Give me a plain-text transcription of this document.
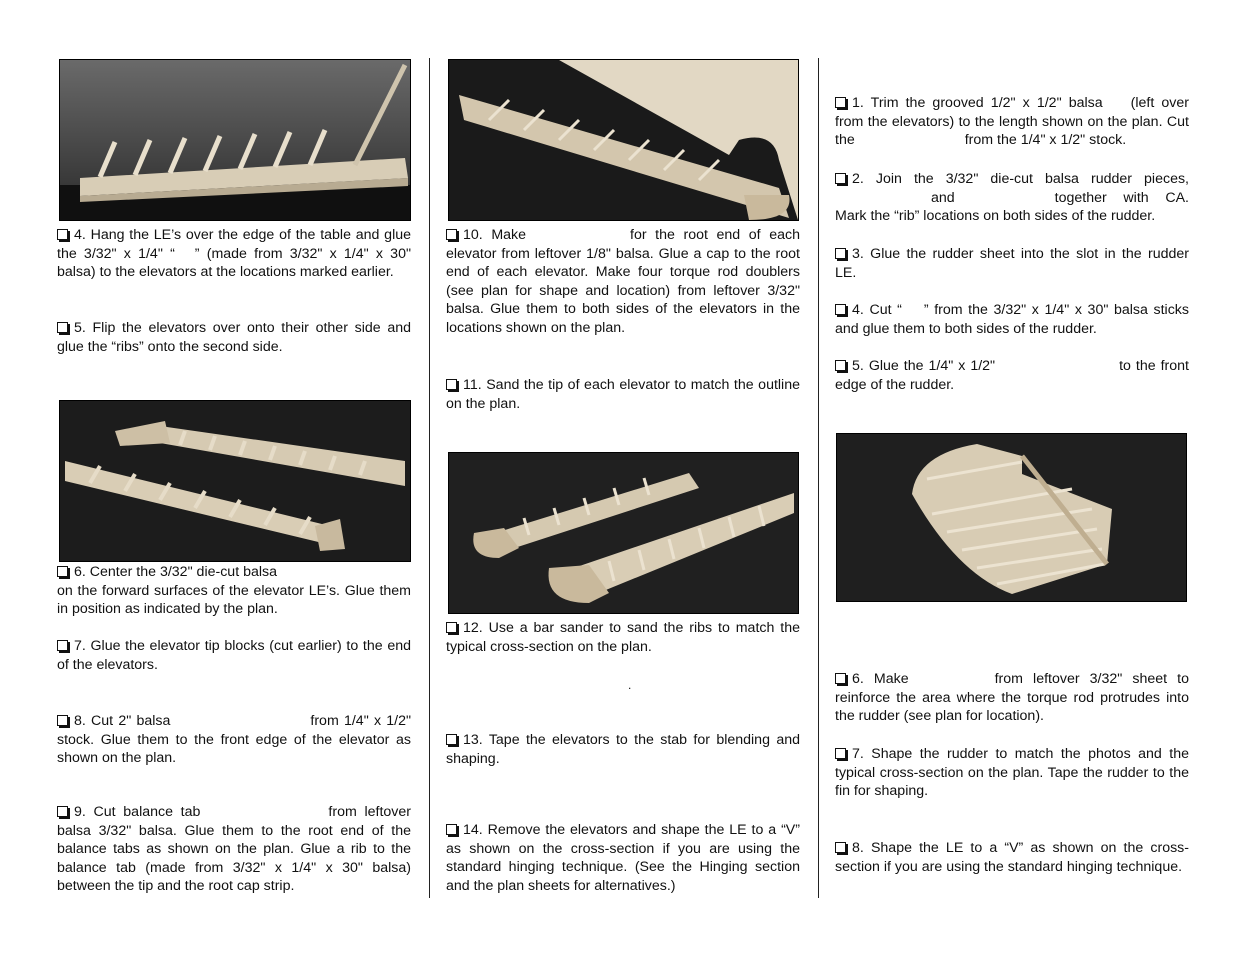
4. Hang the LE’s over the edge of the table and glue the 3/32" x 1/4" “ ” (made from 3/32" x 1/4" x 30" balsa) to the elevators at the locations marked earlier.

5. Flip the elevators over onto their other side and glue the “ribs” onto the second side.

6. Center the 3/32" die-cut balsa
on the forward surfaces of the elevator LE’s. Glue them in position as indicated by the plan.

7. Glue the elevator tip blocks (cut earlier) to the end of the elevators.

8. Cut 2" balsa	from 1/4" x 1/2" stock. Glue them to the front edge of the elevator as shown on the plan.

9. Cut balance tab	from leftover balsa 3/32" balsa. Glue them to the root end of the balance tabs as shown on the plan. Glue a rib to the balance tab (made from 3/32" x 1/4" x 30" balsa) between the tip and the root cap strip.

10. Make	for the root end of each elevator from leftover 1/8" balsa. Glue a cap to the root end of each elevator. Make four torque rod doublers (see plan for shape and location) from leftover 3/32" balsa. Glue them to both sides of the elevators in the locations shown on the plan.

11. Sand the tip of each elevator to match the outline on the plan.

12. Use a bar sander to sand the ribs to match the typical cross-section on the plan.

.

13. Tape the elevators to the stab for blending and shaping.

14. Remove the elevators and shape the LE to a “V” as shown on the cross-section if you are using the standard hinging technique. (See the Hinging section and the plan sheets for alternatives.)

1. Trim the grooved 1/2" x 1/2" balsa (left over from the elevators) to the length shown on the plan. Cut the	from the 1/4" x 1/2" stock.

2. Join the 3/32" die-cut balsa rudder pieces,and	together with CA. Mark the “rib” locations on both sides of the rudder.

3. Glue the rudder sheet into the slot in the rudder LE.

4. Cut “ ” from the 3/32" x 1/4" x 30" balsa sticks and glue them to both sides of the rudder.

5. Glue the 1/4" x 1/2"	to the front edge of the rudder.

6. Make	from leftover 3/32" sheet to reinforce the area where the torque rod protrudes into the rudder (see plan for location).

7. Shape the rudder to match the photos and the typical cross-section on the plan. Tape the rudder to the fin for shaping.

8. Shape the LE to a “V” as shown on the cross-section if you are using the standard hinging technique.
